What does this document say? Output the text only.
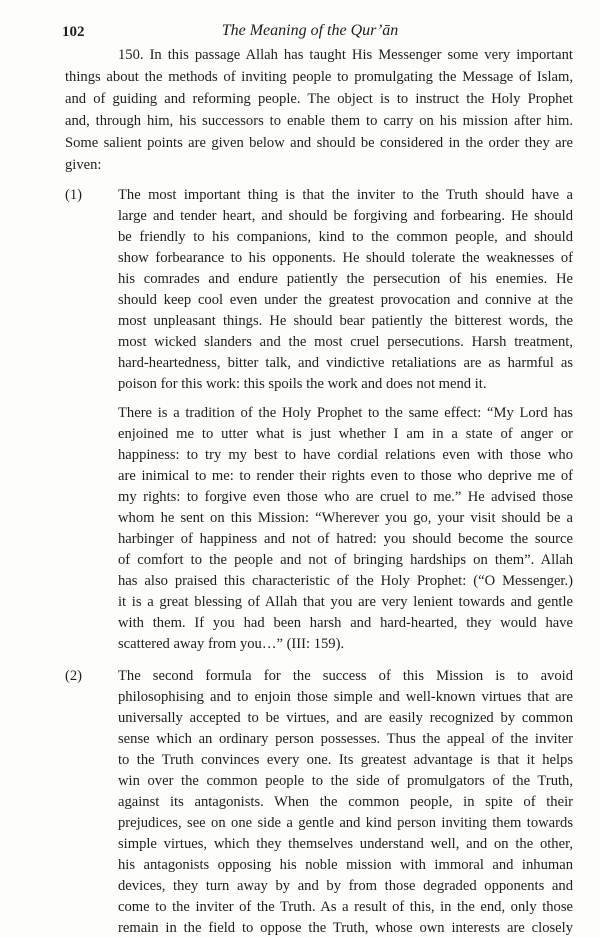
102	The Meaning of the Qur’ān
150. In this passage Allah has taught His Messenger some very important
things about the methods of inviting people to promulgating the Message of Islam,
and of guiding and reforming people. The object is to instruct the Holy Prophet
and, through him, his successors to enable them to carry on his mission after him.
Some salient points are given below and should be considered in the order they are
given:
(1) The most important thing is that the inviter to the Truth should have a
large and tender heart, and should be forgiving and forbearing. He should
be friendly to his companions, kind to the common people, and should
show forbearance to his opponents. He should tolerate the weaknesses of
his comrades and endure patiently the persecution of his enemies. He
should keep cool even under the greatest provocation and connive at the
most unpleasant things. He should bear patiently the bitterest words, the
most wicked slanders and the most cruel persecutions. Harsh treatment,
hard-heartedness, bitter talk, and vindictive retaliations are as harmful as
poison for this work: this spoils the work and does not mend it.
There is a tradition of the Holy Prophet to the same effect: “My Lord has
enjoined me to utter what is just whether I am in a state of anger or
happiness: to try my best to have cordial relations even with those who
are inimical to me: to render their rights even to those who deprive me of
my rights: to forgive even those who are cruel to me.” He advised those
whom he sent on this Mission: “Wherever you go, your visit should be a
harbinger of happiness and not of hatred: you should become the source
of comfort to the people and not of bringing hardships on them”. Allah
has also praised this characteristic of the Holy Prophet: (“O Messenger.)
it is a great blessing of Allah that you are very lenient towards and gentle
with them. If you had been harsh and hard-hearted, they would have
scattered away from you…” (III: 159).
(2) The second formula for the success of this Mission is to avoid
philosophising and to enjoin those simple and well-known virtues that are
universally accepted to be virtues, and are easily recognized by common
sense which an ordinary person possesses. Thus the appeal of the inviter
to the Truth convinces every one. Its greatest advantage is that it helps
win over the common people to the side of promulgators of the Truth,
against its antagonists. When the common people, in spite of their
prejudices, see on one side a gentle and kind person inviting them towards
simple virtues, which they themselves understand well, and on the other,
his antagonists opposing his noble mission with immoral and inhuman
devices, they turn away by and by from those degraded opponents and
come to the inviter of the Truth. As a result of this, in the end, only those
remain in the field to oppose the Truth, whose own interests are closely
